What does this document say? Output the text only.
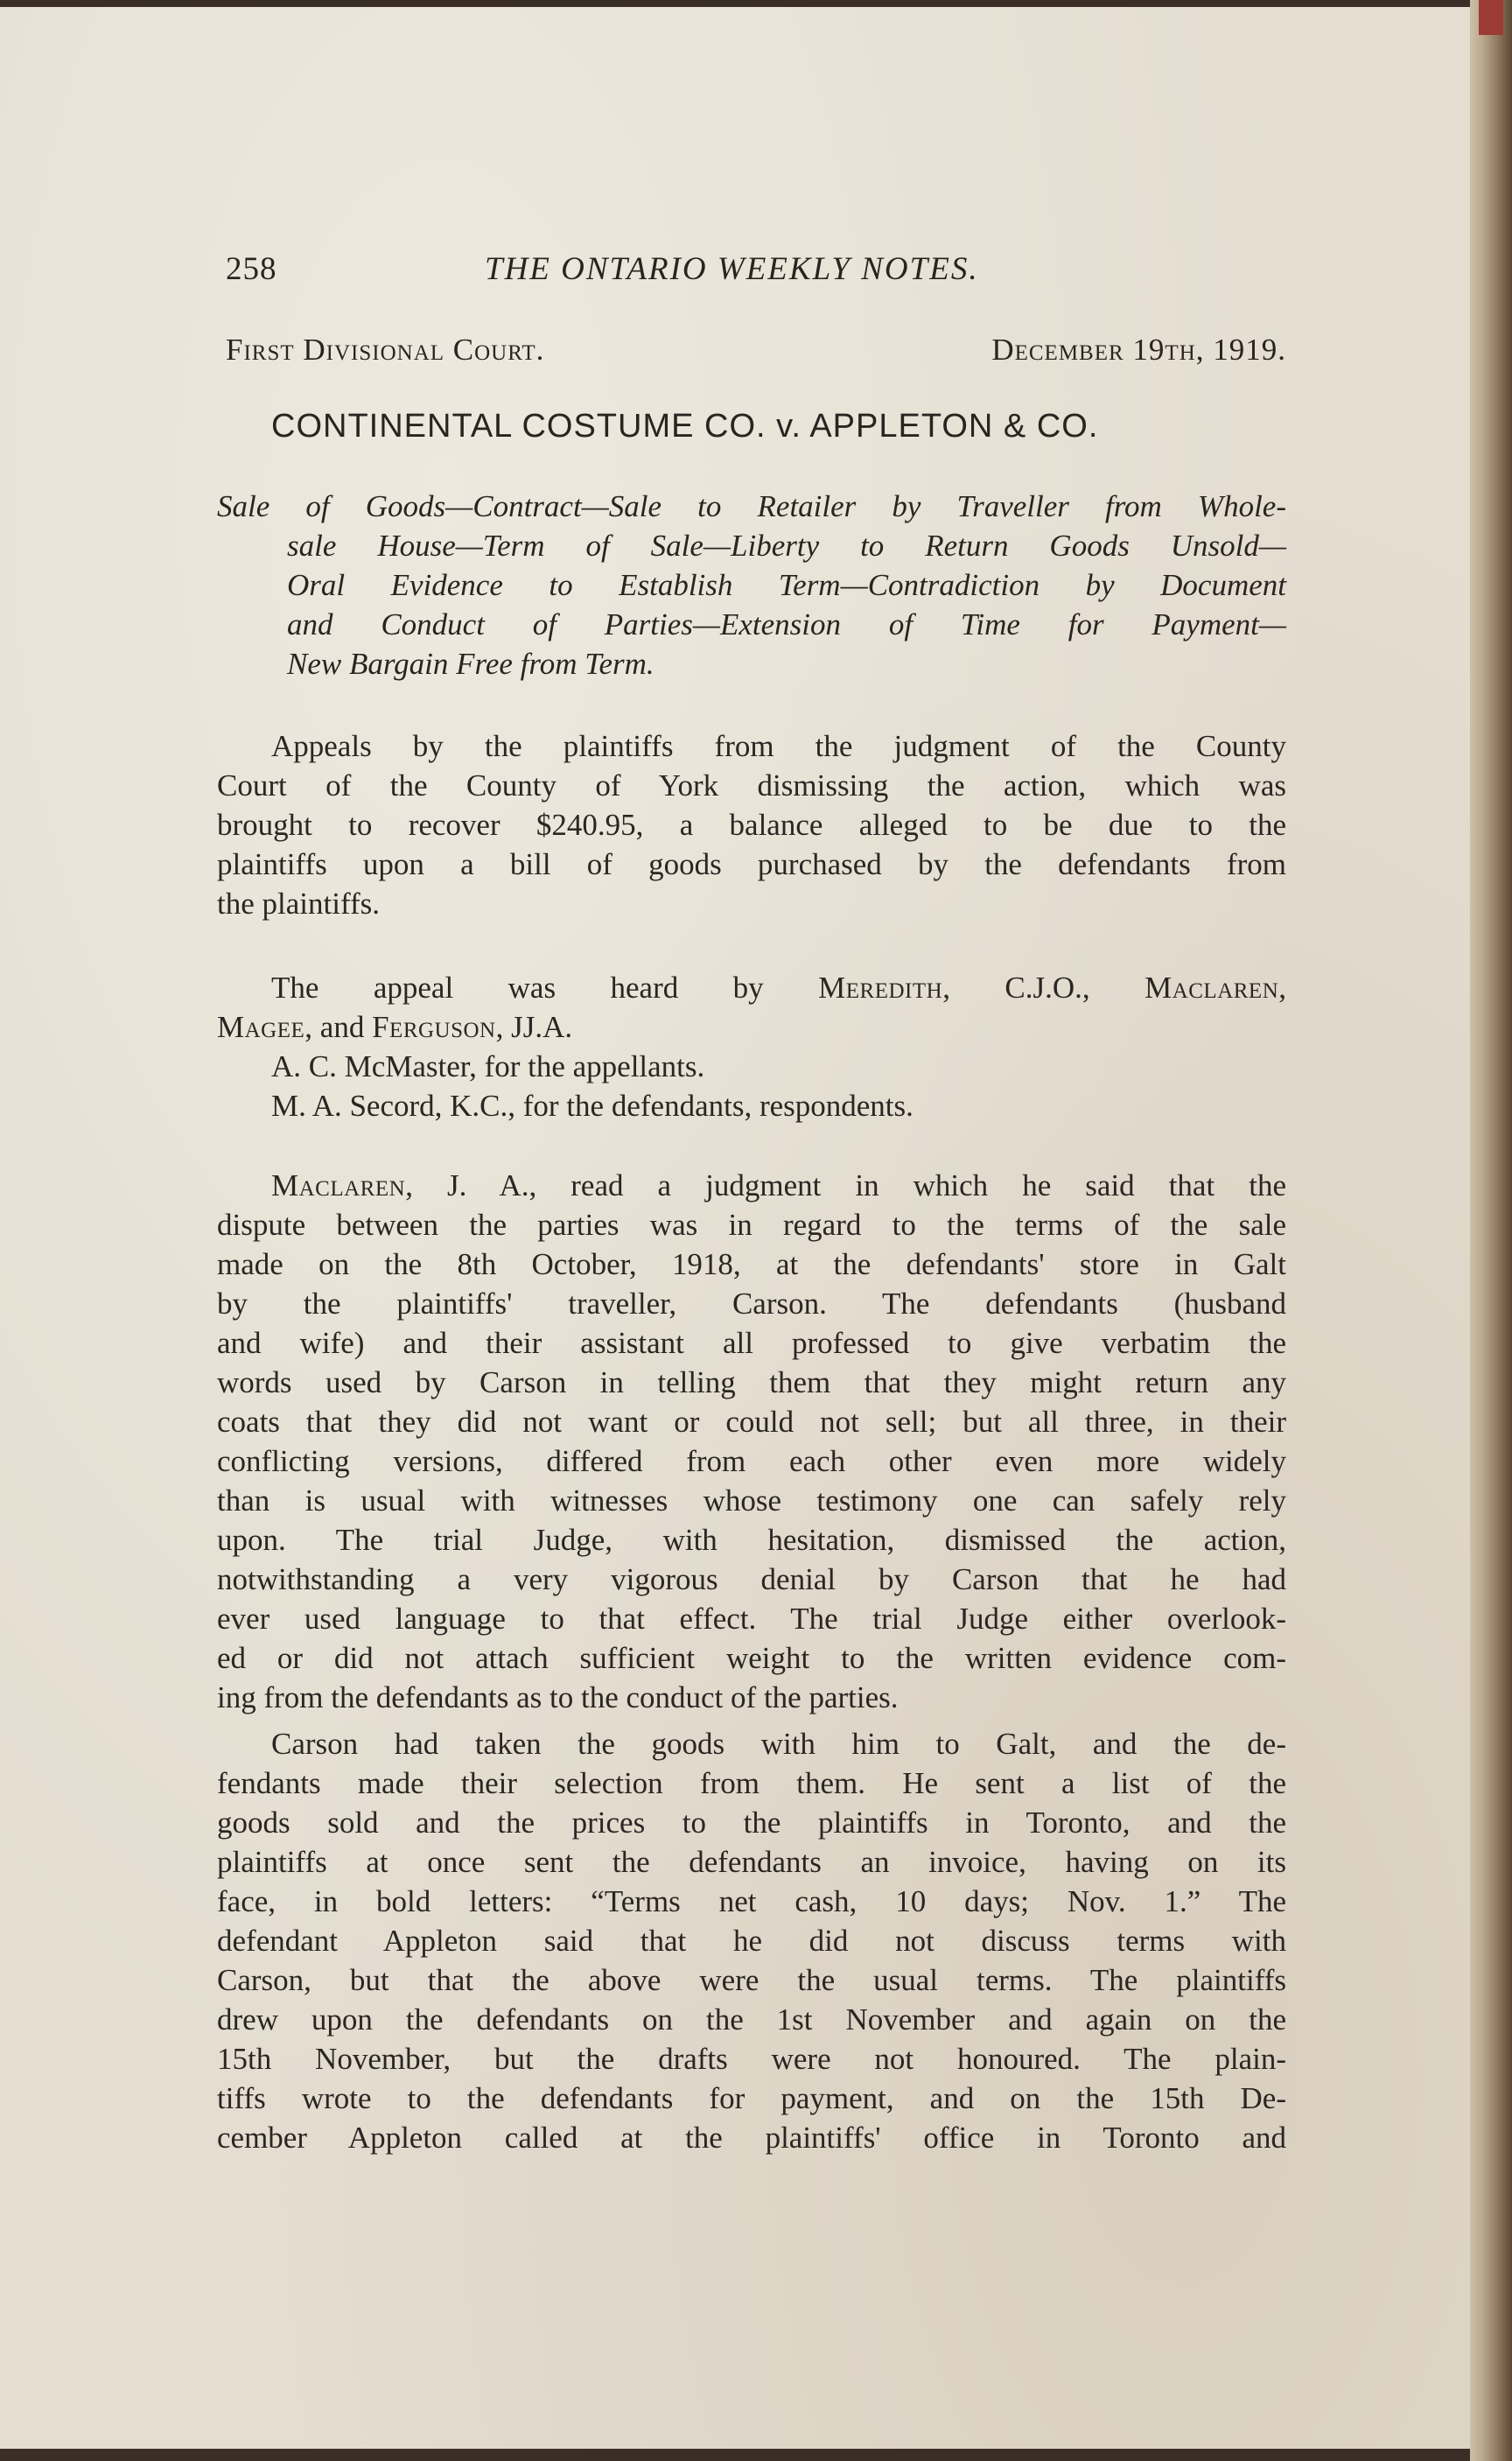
258	THE ONTARIO WEEKLY NOTES.
First Divisional Court.	December 19th, 1919.
CONTINENTAL COSTUME CO. v. APPLETON & CO.
Sale of Goods—Contract—Sale to Retailer by Traveller from Whole-
sale House—Term of Sale—Liberty to Return Goods Unsold—
Oral Evidence to Establish Term—Contradiction by Document
and Conduct of Parties—Extension of Time for Payment—
New Bargain Free from Term.
Appeals by the plaintiffs from the judgment of the County
Court of the County of York dismissing the action, which was
brought to recover $240.95, a balance alleged to be due to the
plaintiffs upon a bill of goods purchased by the defendants from
the plaintiffs.
The appeal was heard by Meredith, C.J.O., Maclaren,
Magee, and Ferguson, JJ.A.
A. C. McMaster, for the appellants.
M. A. Secord, K.C., for the defendants, respondents.
Maclaren, J. A., read a judgment in which he said that the
dispute between the parties was in regard to the terms of the sale
made on the 8th October, 1918, at the defendants' store in Galt
by the plaintiffs' traveller, Carson. The defendants (husband
and wife) and their assistant all professed to give verbatim the
words used by Carson in telling them that they might return any
coats that they did not want or could not sell; but all three, in their
conflicting versions, differed from each other even more widely
than is usual with witnesses whose testimony one can safely rely
upon. The trial Judge, with hesitation, dismissed the action,
notwithstanding a very vigorous denial by Carson that he had
ever used language to that effect. The trial Judge either overlook-
ed or did not attach sufficient weight to the written evidence com-
ing from the defendants as to the conduct of the parties.
Carson had taken the goods with him to Galt, and the de-
fendants made their selection from them. He sent a list of the
goods sold and the prices to the plaintiffs in Toronto, and the
plaintiffs at once sent the defendants an invoice, having on its
face, in bold letters: “Terms net cash, 10 days; Nov. 1.” The
defendant Appleton said that he did not discuss terms with
Carson, but that the above were the usual terms. The plaintiffs
drew upon the defendants on the 1st November and again on the
15th November, but the drafts were not honoured. The plain-
tiffs wrote to the defendants for payment, and on the 15th De-
cember Appleton called at the plaintiffs' office in Toronto and
